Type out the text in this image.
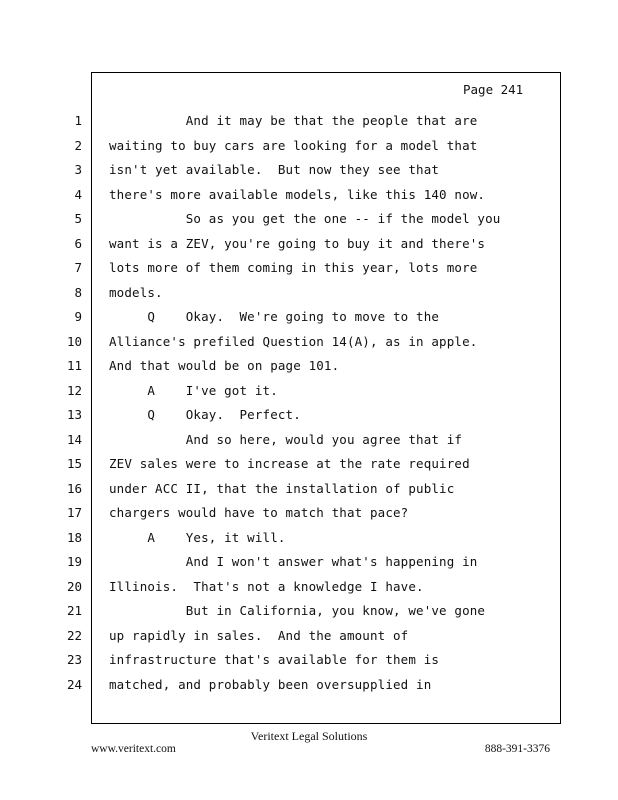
Page 241
1 And it may be that the people that are
2 waiting to buy cars are looking for a model that
3 isn't yet available.  But now they see that
4 there's more available models, like this 140 now.
5 So as you get the one -- if the model you
6 want is a ZEV, you're going to buy it and there's
7 lots more of them coming in this year, lots more
8 models.
9 Q    Okay.  We're going to move to the
10 Alliance's prefiled Question 14(A), as in apple.
11 And that would be on page 101.
12 A    I've got it.
13 Q    Okay.  Perfect.
14 And so here, would you agree that if
15 ZEV sales were to increase at the rate required
16 under ACC II, that the installation of public
17 chargers would have to match that pace?
18 A    Yes, it will.
19 And I won't answer what's happening in
20 Illinois.  That's not a knowledge I have.
21 But in California, you know, we've gone
22 up rapidly in sales.  And the amount of
23 infrastructure that's available for them is
24 matched, and probably been oversupplied in
Veritext Legal Solutions
www.veritext.com	888-391-3376
